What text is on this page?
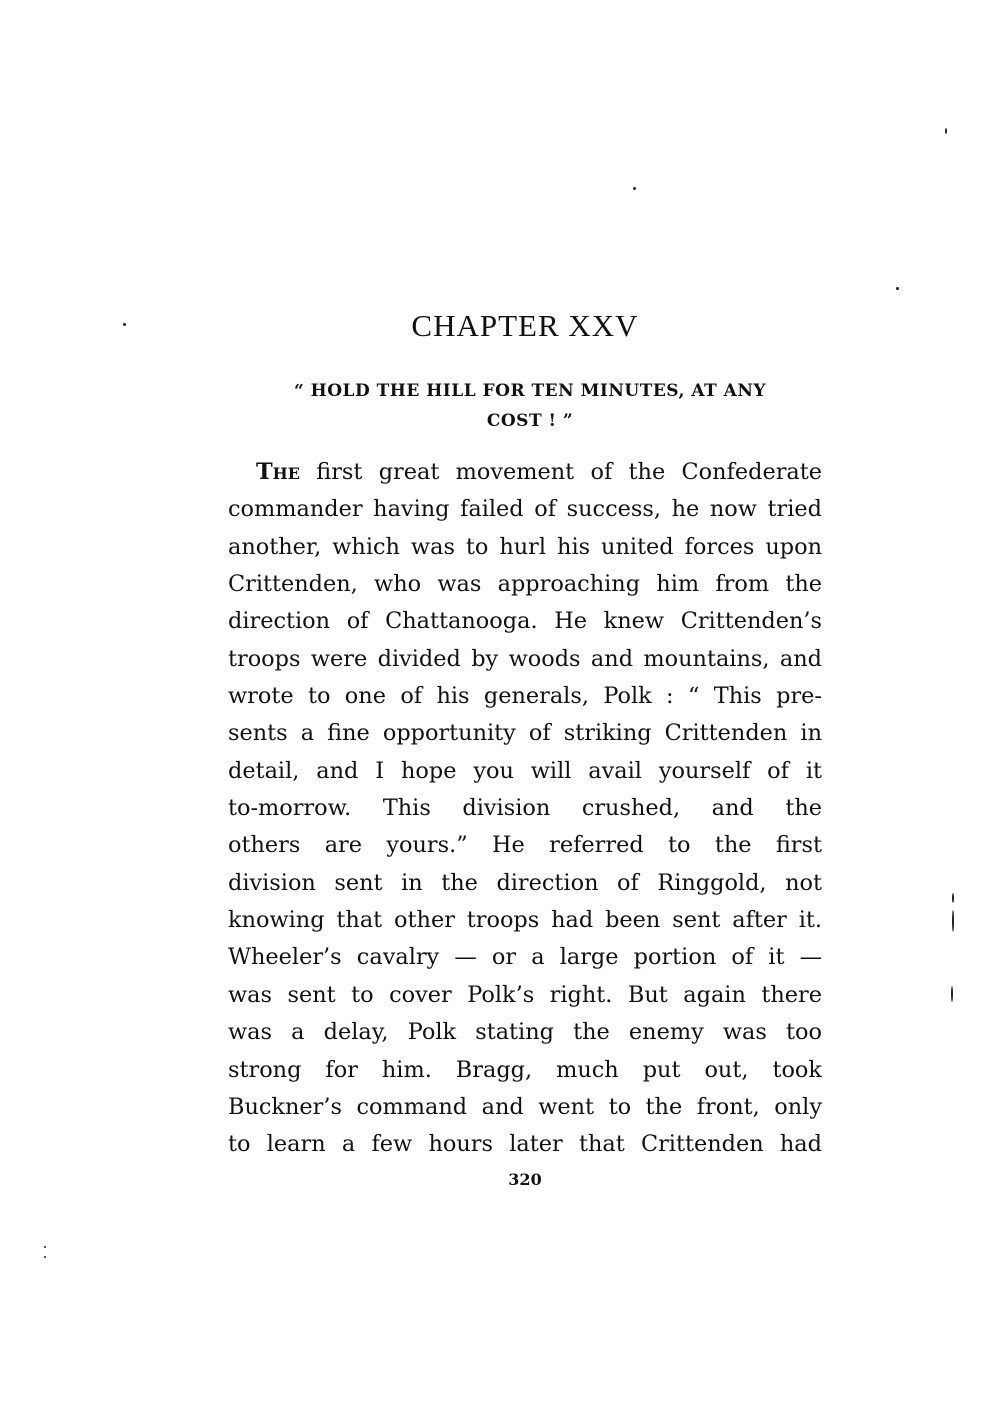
CHAPTER XXV
“ HOLD THE HILL FOR TEN MINUTES, AT ANY
COST ! ”
The first great movement of the Confederate
commander having failed of success, he now tried
another, which was to hurl his united forces upon
Crittenden, who was approaching him from the
direction of Chattanooga. He knew Crittenden’s
troops were divided by woods and mountains, and
wrote to one of his generals, Polk : “ This pre-
sents a fine opportunity of striking Crittenden in
detail, and I hope you will avail yourself of it
to-morrow. This division crushed, and the
others are yours.” He referred to the first
division sent in the direction of Ringgold, not
knowing that other troops had been sent after it.
Wheeler’s cavalry — or a large portion of it —
was sent to cover Polk’s right. But again there
was a delay, Polk stating the enemy was too
strong for him. Bragg, much put out, took
Buckner’s command and went to the front, only
to learn a few hours later that Crittenden had

320
